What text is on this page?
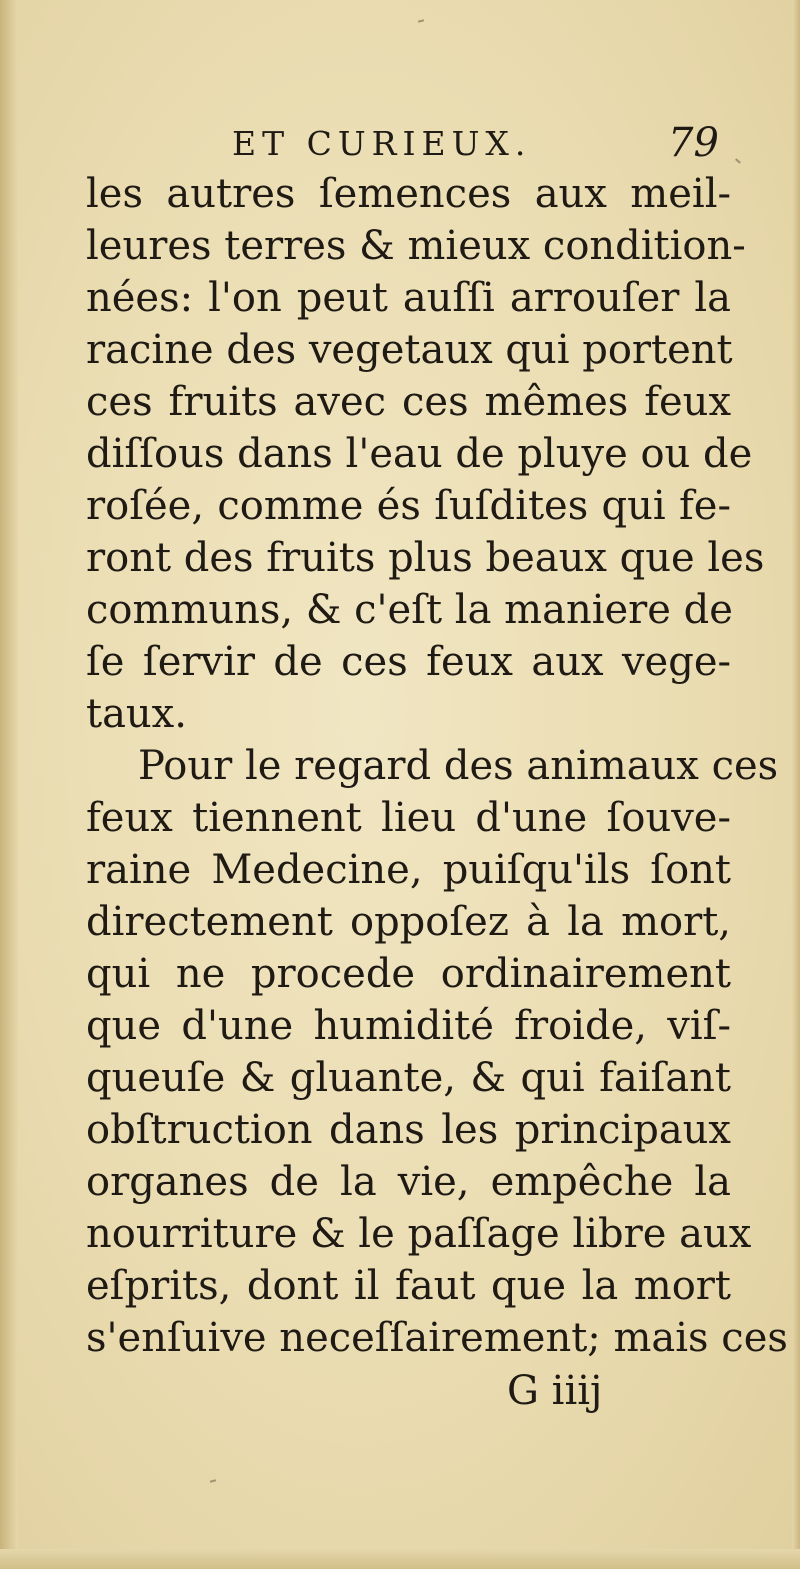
ET CURIEUX.	79
les autres ſemences aux meil-
leures terres & mieux condition-
nées: l'on peut auſſi arrouſer la
racine des vegetaux qui portent
ces fruits avec ces mêmes feux
diſſous dans l'eau de pluye ou de
roſée, comme és ſuſdites qui fe-
ront des fruits plus beaux que les
communs, & c'eſt la maniere de
ſe ſervir de ces feux aux vege-
taux.
Pour le regard des animaux ces
feux tiennent lieu d'une ſouve-
raine Medecine, puiſqu'ils ſont
directement oppoſez à la mort,
qui ne procede ordinairement
que d'une humidité froide, viſ-
queuſe & gluante, & qui faiſant
obſtruction dans les principaux
organes de la vie, empêche la
nourriture & le paſſage libre aux
eſprits, dont il faut que la mort
s'enſuive neceſſairement; mais ces
G iiij
